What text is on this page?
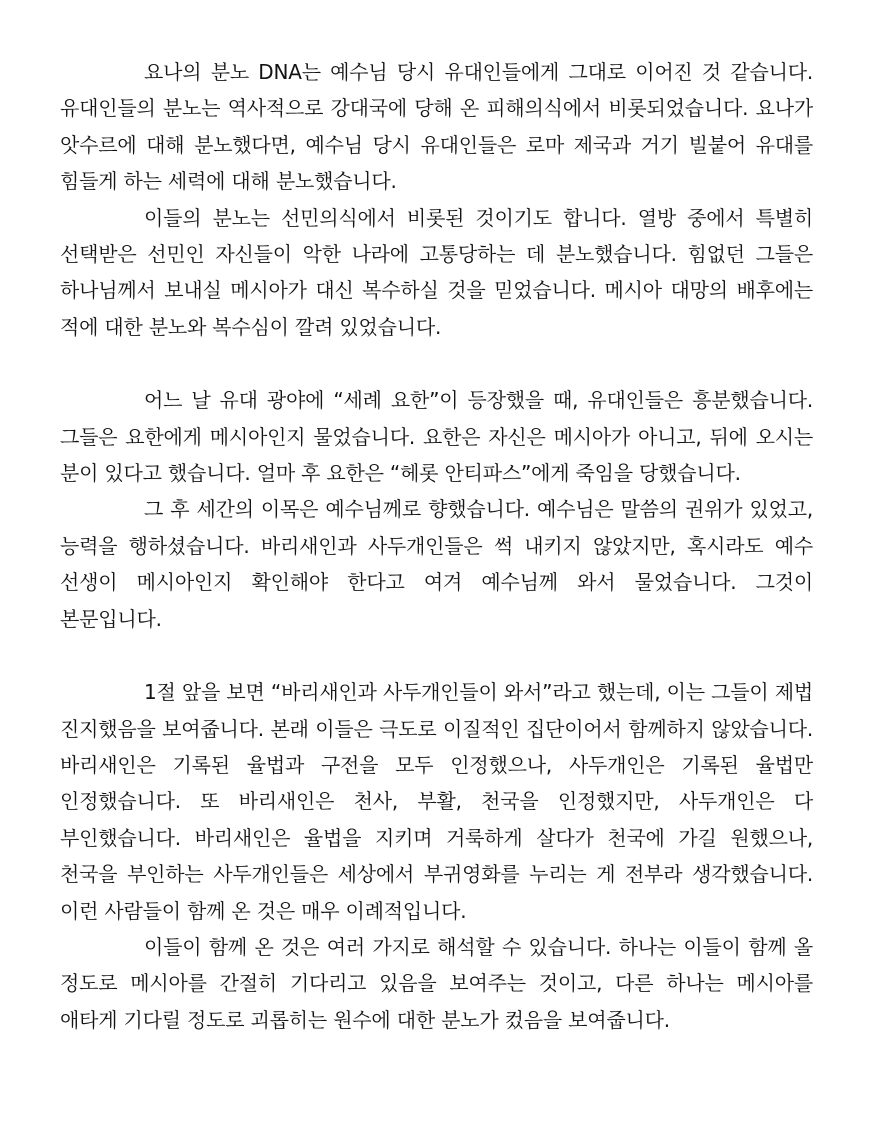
요나의 분노 DNA는 예수님 당시 유대인들에게 그대로 이어진 것 같습니다. 유대인들의 분노는 역사적으로 강대국에 당해 온 피해의식에서 비롯되었습니다. 요나가 앗수르에 대해 분노했다면, 예수님 당시 유대인들은 로마 제국과 거기 빌붙어 유대를 힘들게 하는 세력에 대해 분노했습니다.

이들의 분노는 선민의식에서 비롯된 것이기도 합니다. 열방 중에서 특별히 선택받은 선민인 자신들이 악한 나라에 고통당하는 데 분노했습니다. 힘없던 그들은 하나님께서 보내실 메시아가 대신 복수하실 것을 믿었습니다. 메시아 대망의 배후에는 적에 대한 분노와 복수심이 깔려 있었습니다.

어느 날 유대 광야에 “세례 요한”이 등장했을 때, 유대인들은 흥분했습니다. 그들은 요한에게 메시아인지 물었습니다. 요한은 자신은 메시아가 아니고, 뒤에 오시는 분이 있다고 했습니다. 얼마 후 요한은 “헤롯 안티파스”에게 죽임을 당했습니다.

그 후 세간의 이목은 예수님께로 향했습니다. 예수님은 말씀의 권위가 있었고, 능력을 행하셨습니다. 바리새인과 사두개인들은 썩 내키지 않았지만, 혹시라도 예수 선생이 메시아인지 확인해야 한다고 여겨 예수님께 와서 물었습니다. 그것이 본문입니다.

1절 앞을 보면 “바리새인과 사두개인들이 와서”라고 했는데, 이는 그들이 제법 진지했음을 보여줍니다. 본래 이들은 극도로 이질적인 집단이어서 함께하지 않았습니다. 바리새인은 기록된 율법과 구전을 모두 인정했으나, 사두개인은 기록된 율법만 인정했습니다. 또 바리새인은 천사, 부활, 천국을 인정했지만, 사두개인은 다 부인했습니다. 바리새인은 율법을 지키며 거룩하게 살다가 천국에 가길 원했으나, 천국을 부인하는 사두개인들은 세상에서 부귀영화를 누리는 게 전부라 생각했습니다. 이런 사람들이 함께 온 것은 매우 이례적입니다.

이들이 함께 온 것은 여러 가지로 해석할 수 있습니다. 하나는 이들이 함께 올 정도로 메시아를 간절히 기다리고 있음을 보여주는 것이고, 다른 하나는 메시아를 애타게 기다릴 정도로 괴롭히는 원수에 대한 분노가 컸음을 보여줍니다.
